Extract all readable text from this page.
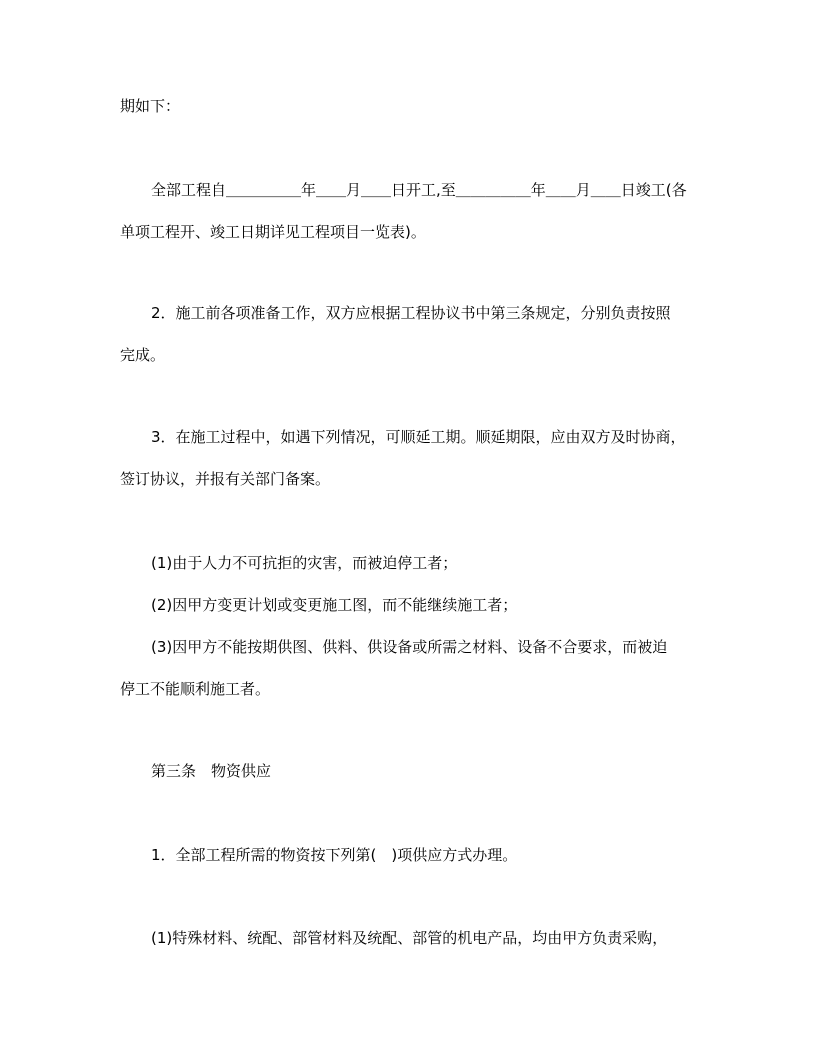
期如下：
全部工程自＿＿＿＿＿年＿＿月＿＿日开工,至＿＿＿＿＿年＿＿月＿＿日竣工(各
单项工程开、竣工日期详见工程项目一览表)。
2．施工前各项准备工作，双方应根据工程协议书中第三条规定，分别负责按照
完成。
3．在施工过程中，如遇下列情况，可顺延工期。顺延期限，应由双方及时协商，
签订协议，并报有关部门备案。
(1)由于人力不可抗拒的灾害，而被迫停工者；
(2)因甲方变更计划或变更施工图，而不能继续施工者；
(3)因甲方不能按期供图、供料、供设备或所需之材料、设备不合要求，而被迫
停工不能顺利施工者。
第三条　物资供应
1．全部工程所需的物资按下列第(　)项供应方式办理。
(1)特殊材料、统配、部管材料及统配、部管的机电产品，均由甲方负责采购，
